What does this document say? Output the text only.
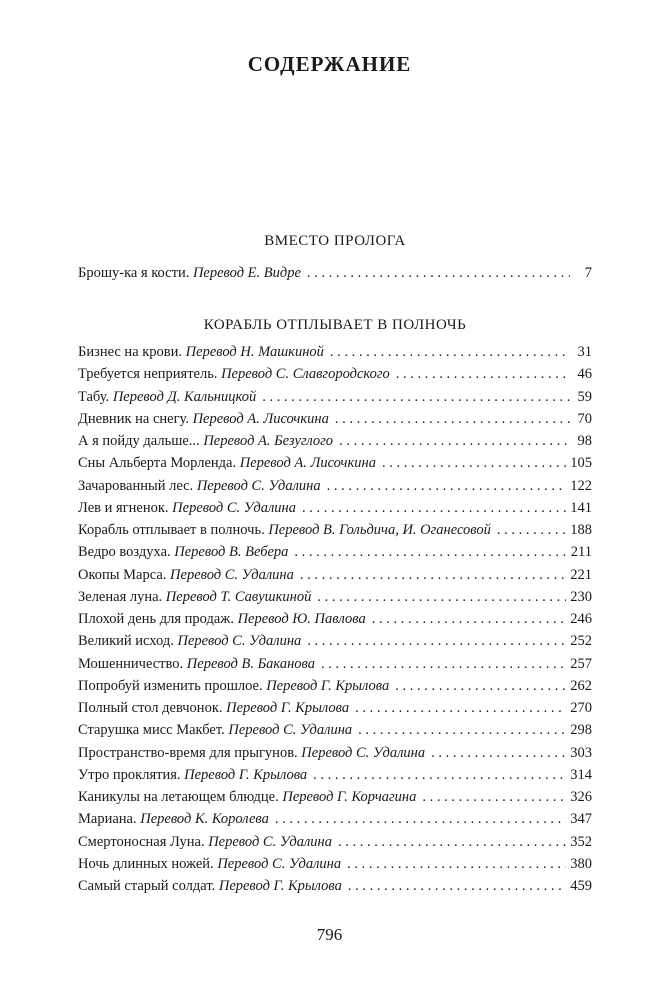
СОДЕРЖАНИЕ
ВМЕСТО ПРОЛОГА
Брошу-ка я кости. Перевод Е. Видре . . .	7
КОРАБЛЬ ОТПЛЫВАЕТ В ПОЛНОЧЬ
Бизнес на крови. Перевод Н. Машкиной . . .	31
Требуется неприятель. Перевод С. Славгородского . . .	46
Табу. Перевод Д. Кальницкой . . .	59
Дневник на снегу. Перевод А. Лисочкина . . .	70
А я пойду дальше... Перевод А. Безуглого . . .	98
Сны Альберта Морленда. Перевод А. Лисочкина . . .	105
Зачарованный лес. Перевод С. Удалина . . .	122
Лев и ягненок. Перевод С. Удалина . . .	141
Корабль отплывает в полночь. Перевод В. Гольдича, И. Оганесовой . . .	188
Ведро воздуха. Перевод В. Вебера . . .	211
Окопы Марса. Перевод С. Удалина . . .	221
Зеленая луна. Перевод Т. Савушкиной . . .	230
Плохой день для продаж. Перевод Ю. Павлова . . .	246
Великий исход. Перевод С. Удалина . . .	252
Мошенничество. Перевод В. Баканова . . .	257
Попробуй изменить прошлое. Перевод Г. Крылова . . .	262
Полный стол девчонок. Перевод Г. Крылова . . .	270
Старушка мисс Макбет. Перевод С. Удалина . . .	298
Пространство-время для прыгунов. Перевод С. Удалина . . .	303
Утро проклятия. Перевод Г. Крылова . . .	314
Каникулы на летающем блюдце. Перевод Г. Корчагина . . .	326
Мариана. Перевод К. Королева . . .	347
Смертоносная Луна. Перевод С. Удалина . . .	352
Ночь длинных ножей. Перевод С. Удалина . . .	380
Самый старый солдат. Перевод Г. Крылова . . .	459
796
